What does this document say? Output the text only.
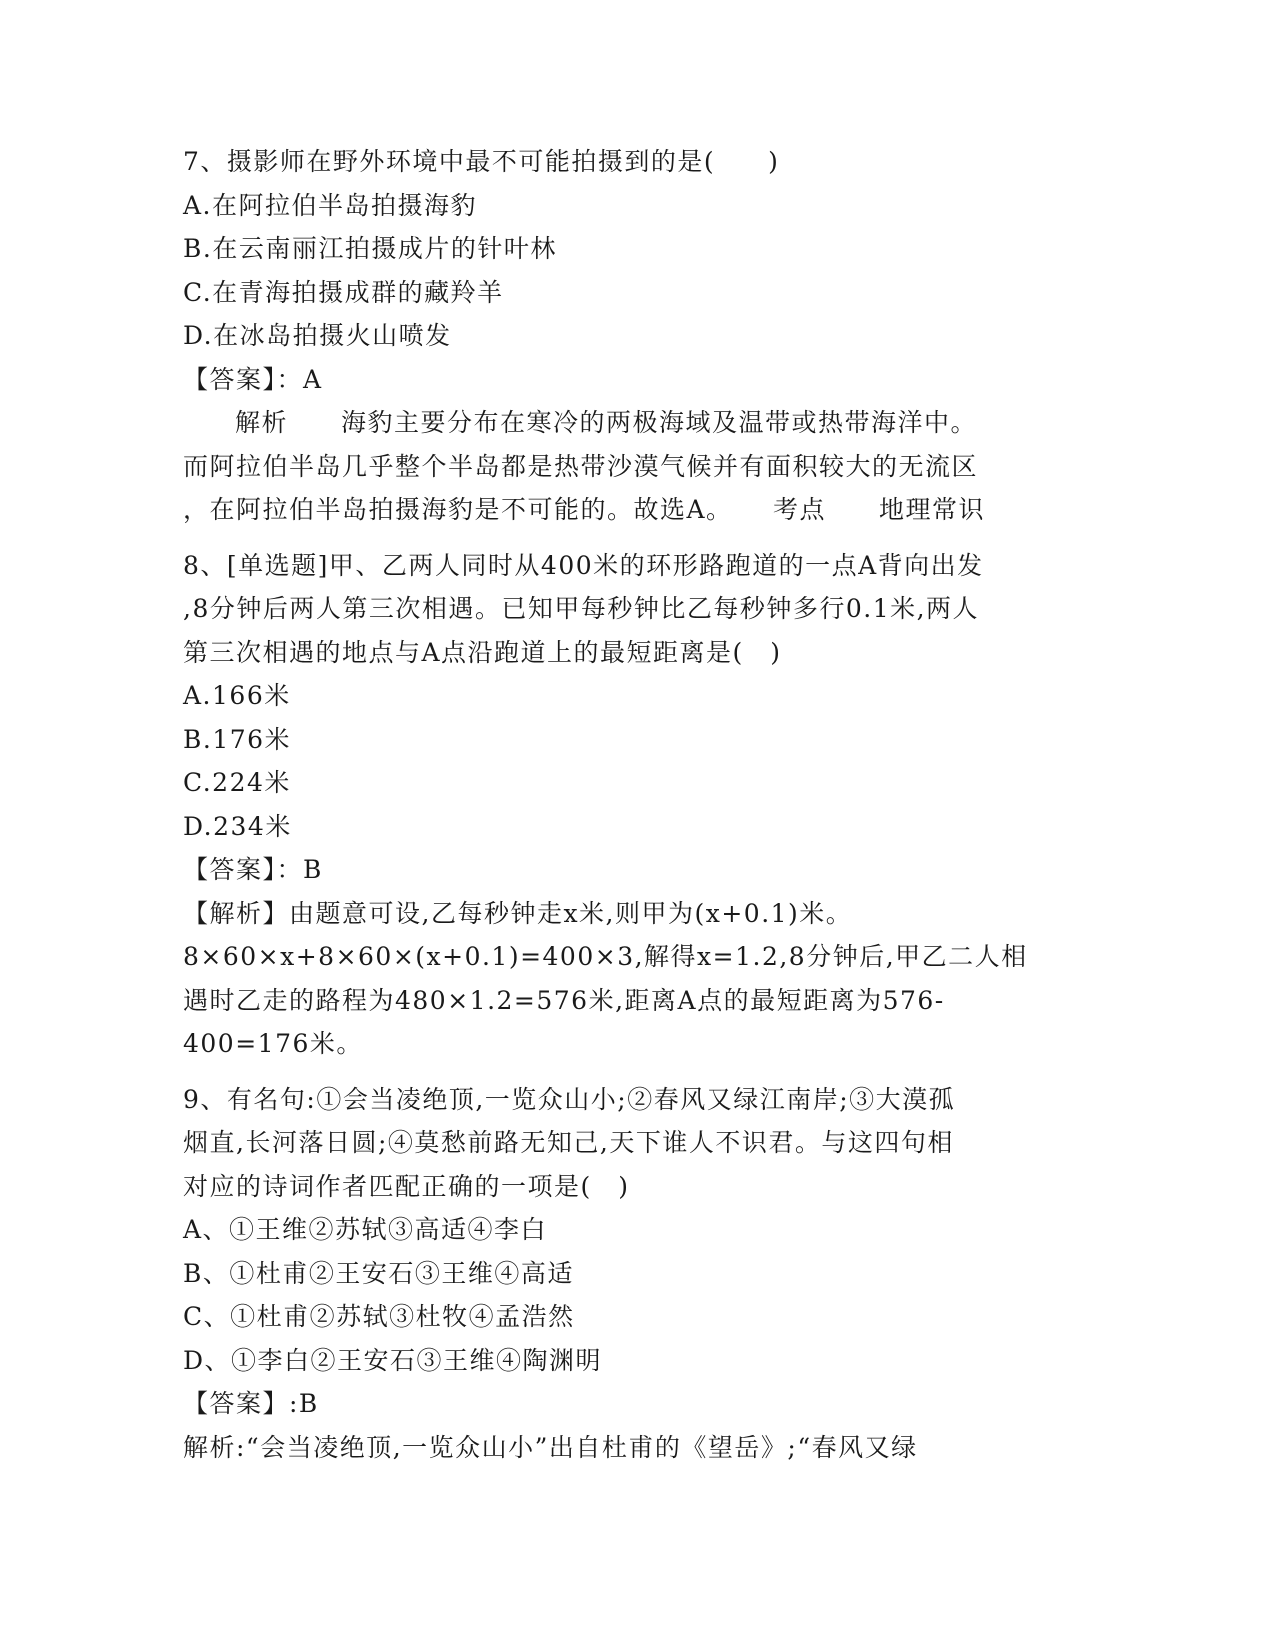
7、摄影师在野外环境中最不可能拍摄到的是(　　)
A.在阿拉伯半岛拍摄海豹
B.在云南丽江拍摄成片的针叶林
C.在青海拍摄成群的藏羚羊
D.在冰岛拍摄火山喷发
【答案】：A
解析　　海豹主要分布在寒冷的两极海域及温带或热带海洋中。
而阿拉伯半岛几乎整个半岛都是热带沙漠气候并有面积较大的无流区
，在阿拉伯半岛拍摄海豹是不可能的。故选A。　　考点　　地理常识
8、[单选题]甲、乙两人同时从400米的环形路跑道的一点A背向出发
,8分钟后两人第三次相遇。已知甲每秒钟比乙每秒钟多行0.1米,两人
第三次相遇的地点与A点沿跑道上的最短距离是(　)
A.166米
B.176米
C.224米
D.234米
【答案】：B
【解析】由题意可设,乙每秒钟走x米,则甲为(x+0.1)米。
8×60×x+8×60×(x+0.1)=400×3,解得x=1.2,8分钟后,甲乙二人相
遇时乙走的路程为480×1.2=576米,距离A点的最短距离为576-
400=176米。
9、有名句:①会当凌绝顶,一览众山小;②春风又绿江南岸;③大漠孤
烟直,长河落日圆;④莫愁前路无知己,天下谁人不识君。与这四句相
对应的诗词作者匹配正确的一项是(　)
A、①王维②苏轼③高适④李白
B、①杜甫②王安石③王维④高适
C、①杜甫②苏轼③杜牧④孟浩然
D、①李白②王安石③王维④陶渊明
【答案】:B
解析:“会当凌绝顶,一览众山小”出自杜甫的《望岳》;“春风又绿
